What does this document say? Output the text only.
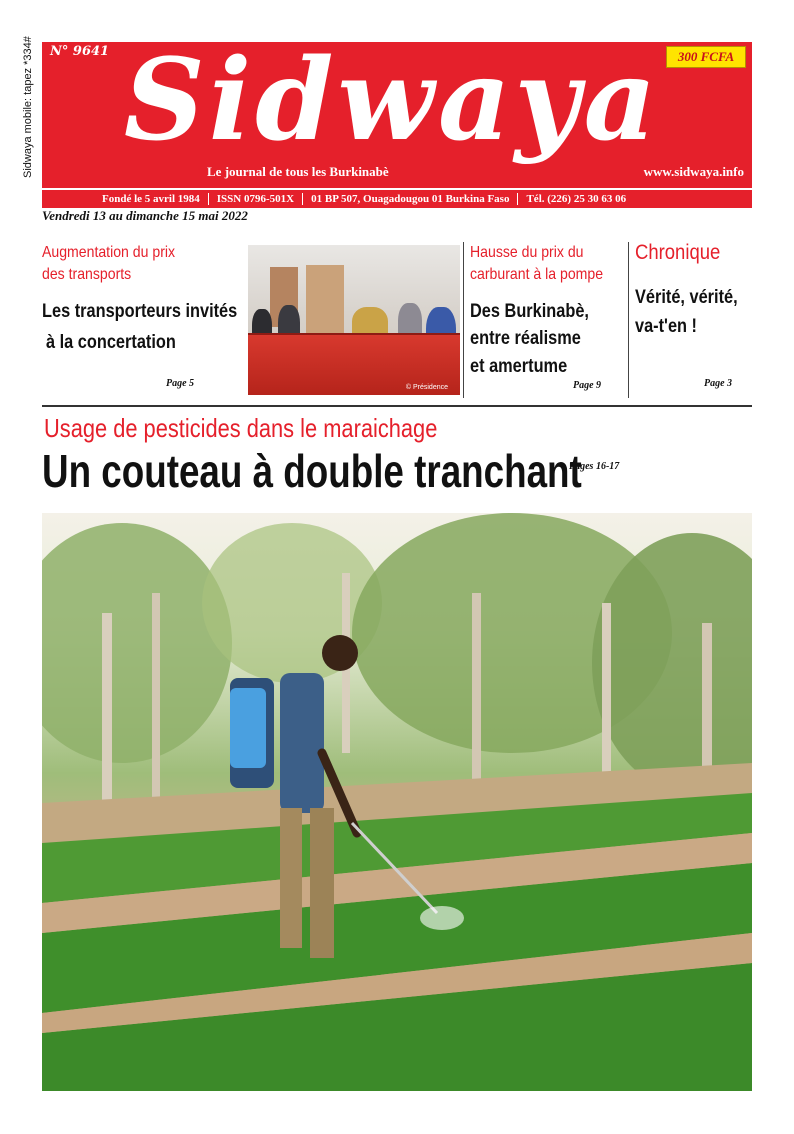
Sidwaya mobile: tapez *334# N° 9641	300 FCFA
Sidwaya
Le journal de tous les Burkinabè	www.sidwaya.info
Fondé le 5 avril 1984	ISSN 0796-501X	01 BP 507, Ouagadougou 01 Burkina Faso	Tél. (226) 25 30 63 06
Vendredi 13 au dimanche 15 mai 2022
Augmentation du prix
des transports
Les transporteurs invités
à la concertation
Page 5	© Présidence
Hausse du prix du
carburant à la pompe
Des Burkinabè,
entre réalisme
et amertume
Page 9
Chronique
Vérité, vérité,
va-t'en !
Page 3
Usage de pesticides dans le maraichage
Un couteau à double tranchant
Pages 16-17
